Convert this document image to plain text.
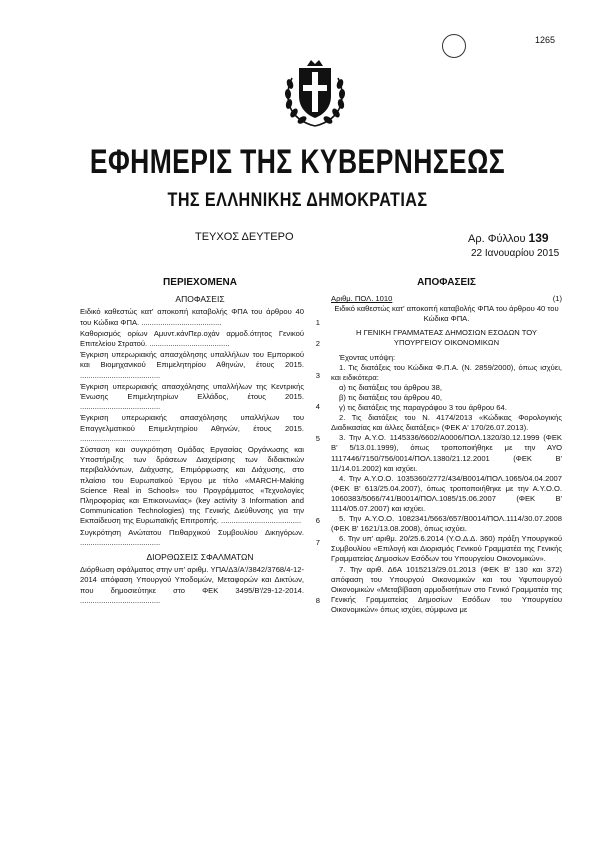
1265
ΕΦΗΜΕΡΙΣ ΤΗΣ ΚΥΒΕΡΝΗΣΕΩΣ
ΤΗΣ ΕΛΛΗΝΙΚΗΣ ΔΗΜΟΚΡΑΤΙΑΣ
ΤΕΥΧΟΣ ΔΕΥΤΕΡΟ	Αρ. Φύλλου 139
22 Ιανουαρίου 2015
ΠΕΡΙΕΧΟΜΕΝΑ
ΑΠΟΦΑΣΕΙΣ
Ειδικό καθεστώς κατ' αποκοπή καταβολής ΦΠΑ του άρθρου 40 του Κώδικα ΦΠΑ. ......................................	1
Καθορισμός ορίων Αμυντ.κάνΠερ.οχάν αρμοδ.ότητος Γενικού Επιτελείου Στρατού. ......................................	2
Έγκριση υπερωριακής απασχόλησης υπαλλήλων του Εμπορικού και Βιομηχανικού Επιμελητηρίου Αθηνών, έτους 2015. ......................................	3
Έγκριση υπερωριακής απασχόλησης υπαλλήλων της Κεντρικής Ένωσης Επιμελητηρίων Ελλάδος, έτους 2015. ......................................	4
Έγκριση υπερωριακής απασχόλησης υπαλλήλων του Επαγγελματικού Επιμελητηρίου Αθηνών, έτους 2015. ......................................	5
Σύσταση και συγκρότηση Ομάδας Εργασίας Οργάνωσης και Υποστήριξης των δράσεων Διαχείρισης των διδακτικών περιβαλλόντων, Διάχυσης, Επιμόρφωσης και Διάχυσης, στο πλαίσιο του Ευρωπαϊκού Έργου με τίτλο «MARCH-Making Science Real in Schools» του Προγράμματος «Τεχνολογίες Πληροφορίας και Επικοινωνίας» (key activity 3 Information and Communication Technologies) της Γενικής Διεύθυνσης για την Εκπαίδευση της Ευρωπαϊκής Επιτροπής. ......................................	6
Συγκρότηση Ανώτατου Πειθαρχικού Συμβουλίου Δικηγόρων. ......................................	7
ΔΙΟΡΘΩΣΕΙΣ ΣΦΑΛΜΑΤΩΝ
Διόρθωση σφάλματος στην υπ' αριθμ. ΥΠΑ/Δ3/Α'/3842/3768/4-12-2014 απόφαση Υπουργού Υποδομών, Μεταφορών και Δικτύων, που δημοσιεύτηκε στο ΦΕΚ 3495/Β'/29-12-2014. ......................................	8
ΑΠΟΦΑΣΕΙΣ
Αριθμ. ΠΟΛ. 1010	(1)
Ειδικό καθεστώς κατ' αποκοπή καταβολής ΦΠΑ του άρθρου 40 του Κώδικα ΦΠΑ.
Η ΓΕΝΙΚΗ ΓΡΑΜΜΑΤΕΑΣ ΔΗΜΟΣΙΩΝ ΕΣΟΔΩΝ ΤΟΥ ΥΠΟΥΡΓΕΙΟΥ ΟΙΚΟΝΟΜΙΚΩΝ
Έχοντας υπόψη:
1. Τις διατάξεις του Κώδικα Φ.Π.Α. (Ν. 2859/2000), όπως ισχύει, και ειδικότερα:
α) τις διατάξεις του άρθρου 38,
β) τις διατάξεις του άρθρου 40,
γ) τις διατάξεις της παραγράφου 3 του άρθρου 64.
2. Τις διατάξεις του Ν. 4174/2013 «Κώδικας Φορολογικής Διαδικασίας και άλλες διατάξεις» (ΦΕΚ Α' 170/26.07.2013).
3. Την Α.Υ.Ο. 1145336/6602/Α0006/ΠΟΛ.1320/30.12.1999 (ΦΕΚ Β' 5/13.01.1999), όπως τροποποιήθηκε με την ΑΥΟ 1117446/7150/756/0014/ΠΟΛ.1380/21.12.2001 (ΦΕΚ Β' 11/14.01.2002) και ισχύει.
4. Την Α.Υ.Ο.Ο. 1035360/2772/434/Β0014/ΠΟΛ.1065/04.04.2007 (ΦΕΚ Β' 613/25.04.2007), όπως τροποποιήθηκε με την Α.Υ.Ο.Ο. 1060383/5066/741/Β0014/ΠΟΛ.1085/15.06.2007 (ΦΕΚ Β' 1114/05.07.2007) και ισχύει.
5. Την Α.Υ.Ο.Ο. 1082341/5663/657/Β0014/ΠΟΛ.1114/30.07.2008 (ΦΕΚ Β' 1621/13.08.2008), όπως ισχύει.
6. Την υπ' αριθμ. 20/25.6.2014 (Υ.Ο.Δ.Δ. 360) πράξη Υπουργικού Συμβουλίου «Επιλογή και Διορισμός Γενικού Γραμματέα της Γενικής Γραμματείας Δημοσίων Εσόδων του Υπουργείου Οικονομικών».
7. Την αριθ. Δ6Α 1015213/29.01.2013 (ΦΕΚ Β' 130 και 372) απόφαση του Υπουργού Οικονομικών και του Υφυπουργού Οικονομικών «Μεταβίβαση αρμοδιοτήτων στο Γενικό Γραμματέα της Γενικής Γραμματείας Δημοσίων Εσόδων του Υπουργείου Οικονομικών» όπως ισχύει, σύμφωνα με
